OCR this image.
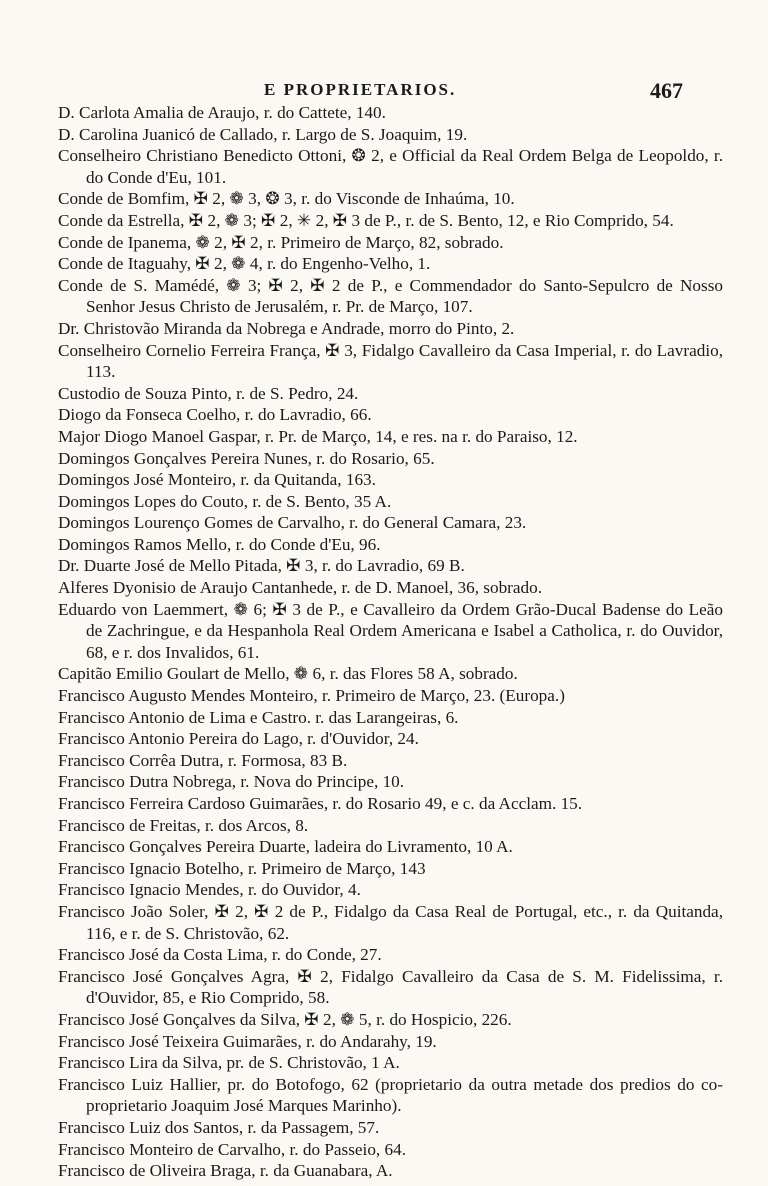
E PROPRIETARIOS.	467

D. Carlota Amalia de Araujo, r. do Cattete, 140.

D. Carolina Juanicó de Callado, r. Largo de S. Joaquim, 19.

Conselheiro Christiano Benedicto Ottoni, ❂ 2, e Official da Real Ordem Belga de Leopoldo, r. do Conde d'Eu, 101.

Conde de Bomfim, ✠ 2, ❁ 3, ❂ 3, r. do Visconde de Inhaúma, 10.

Conde da Estrella, ✠ 2, ❁ 3; ✠ 2, ✳ 2, ✠ 3 de P., r. de S. Bento, 12, e Rio Comprido, 54.

Conde de Ipanema, ❁ 2, ✠ 2, r. Primeiro de Março, 82, sobrado.

Conde de Itaguahy, ✠ 2, ❁ 4, r. do Engenho-Velho, 1.

Conde de S. Mamédé, ❁ 3; ✠ 2, ✠ 2 de P., e Commendador do Santo-Sepulcro de Nosso Senhor Jesus Christo de Jerusalém, r. Pr. de Março, 107.

Dr. Christovão Miranda da Nobrega e Andrade, morro do Pinto, 2.

Conselheiro Cornelio Ferreira França, ✠ 3, Fidalgo Cavalleiro da Casa Imperial, r. do Lavradio, 113.

Custodio de Souza Pinto, r. de S. Pedro, 24.

Diogo da Fonseca Coelho, r. do Lavradio, 66.

Major Diogo Manoel Gaspar, r. Pr. de Março, 14, e res. na r. do Paraiso, 12.

Domingos Gonçalves Pereira Nunes, r. do Rosario, 65.

Domingos José Monteiro, r. da Quitanda, 163.

Domingos Lopes do Couto, r. de S. Bento, 35 A.

Domingos Lourenço Gomes de Carvalho, r. do General Camara, 23.

Domingos Ramos Mello, r. do Conde d'Eu, 96.

Dr. Duarte José de Mello Pitada, ✠ 3, r. do Lavradio, 69 B.

Alferes Dyonisio de Araujo Cantanhede, r. de D. Manoel, 36, sobrado.

Eduardo von Laemmert, ❁ 6; ✠ 3 de P., e Cavalleiro da Ordem Grão-Ducal Badense do Leão de Zachringue, e da Hespanhola Real Ordem Americana e Isabel a Catholica, r. do Ouvidor, 68, e r. dos Invalidos, 61.

Capitão Emilio Goulart de Mello, ❁ 6, r. das Flores 58 A, sobrado.

Francisco Augusto Mendes Monteiro, r. Primeiro de Março, 23. (Europa.)

Francisco Antonio de Lima e Castro. r. das Larangeiras, 6.

Francisco Antonio Pereira do Lago, r. d'Ouvidor, 24.

Francisco Corrêa Dutra, r. Formosa, 83 B.

Francisco Dutra Nobrega, r. Nova do Principe, 10.

Francisco Ferreira Cardoso Guimarães, r. do Rosario 49, e c. da Acclam. 15.

Francisco de Freitas, r. dos Arcos, 8.

Francisco Gonçalves Pereira Duarte, ladeira do Livramento, 10 A.

Francisco Ignacio Botelho, r. Primeiro de Março, 143

Francisco Ignacio Mendes, r. do Ouvidor, 4.

Francisco João Soler, ✠ 2, ✠ 2 de P., Fidalgo da Casa Real de Portugal, etc., r. da Quitanda, 116, e r. de S. Christovão, 62.

Francisco José da Costa Lima, r. do Conde, 27.

Francisco José Gonçalves Agra, ✠ 2, Fidalgo Cavalleiro da Casa de S. M. Fidelissima, r. d'Ouvidor, 85, e Rio Comprido, 58.

Francisco José Gonçalves da Silva, ✠ 2, ❁ 5, r. do Hospicio, 226.

Francisco José Teixeira Guimarães, r. do Andarahy, 19.

Francisco Lira da Silva, pr. de S. Christovão, 1 A.

Francisco Luiz Hallier, pr. do Botofogo, 62 (proprietario da outra metade dos predios do co-proprietario Joaquim José Marques Marinho).

Francisco Luiz dos Santos, r. da Passagem, 57.

Francisco Monteiro de Carvalho, r. do Passeio, 64.

Francisco de Oliveira Braga, r. da Guanabara, A.
